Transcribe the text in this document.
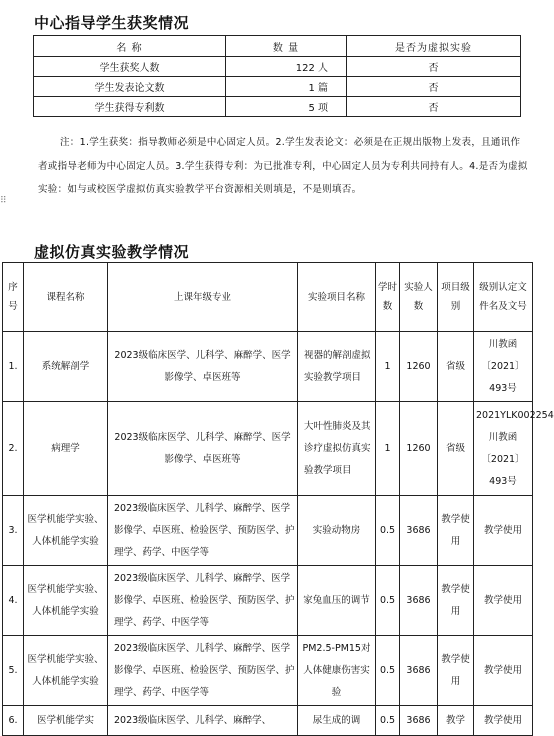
中心指导学生获奖情况
名 称	数 量	是否为虚拟实验
学生获奖人数	122 人	否
学生发表论文数	1 篇	否
学生获得专利数	5 项	否

注：1.学生获奖：指导教师必须是中心固定人员。2.学生发表论文：必须是在正规出版物上发表，且通讯作者或指导老师为中心固定人员。3.学生获得专利：为已批准专利，中心固定人员为专利共同持有人。4.是否为虚拟实验：如与或校医学虚拟仿真实验教学平台资源相关则填是，不是则填否。

⠿
虚拟仿真实验教学情况
序号	课程名称	上课年级专业	实验项目名称	学时数	实验人数	项目级别	级别认定文件名及文号
1.	系统解剖学	2023级临床医学、儿科学、麻醉学、医学影像学、卓医班等	视器的解剖虚拟实验教学项目	1	1260	省级	川教函〔2021〕493号
2.	病理学	2023级临床医学、儿科学、麻醉学、医学影像学、卓医班等	大叶性肺炎及其诊疗虚拟仿真实验教学项目	1	1260	省级	2021YLK002254川教函〔2021〕493号
3.	医学机能学实验、人体机能学实验	2023级临床医学、儿科学、麻醉学、医学影像学、卓医班、检验医学、预防医学、护理学、药学、中医学等	实验动物房	0.5	3686	教学使用	教学使用
4.	医学机能学实验、人体机能学实验	2023级临床医学、儿科学、麻醉学、医学影像学、卓医班、检验医学、预防医学、护理学、药学、中医学等	家兔血压的调节	0.5	3686	教学使用	教学使用
5.	医学机能学实验、人体机能学实验	2023级临床医学、儿科学、麻醉学、医学影像学、卓医班、检验医学、预防医学、护理学、药学、中医学等	PM2.5-PM15对人体健康伤害实验	0.5	3686	教学使用	教学使用
6.	医学机能学实	2023级临床医学、儿科学、麻醉学、	尿生成的调	0.5	3686	教学	教学使用
